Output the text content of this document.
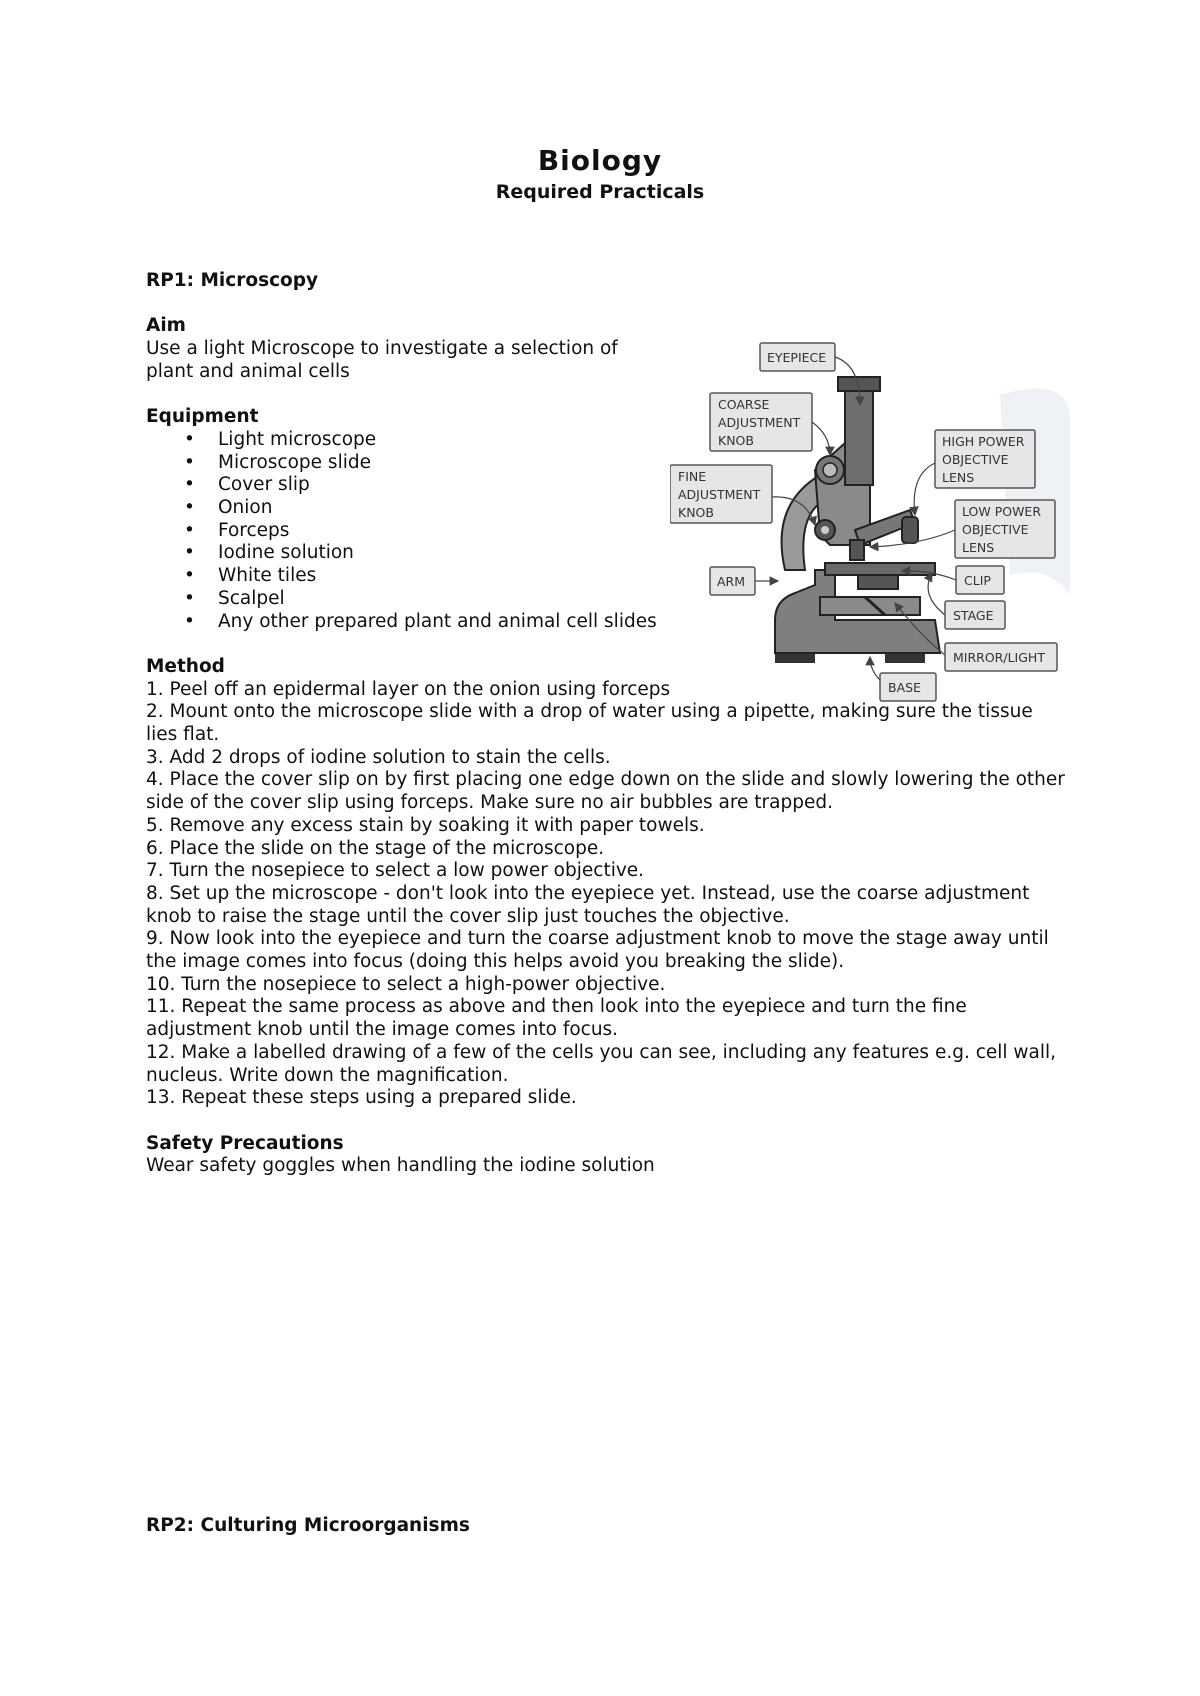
Biology
Required Practicals
RP1: Microscopy
Aim
Use a light Microscope to investigate a selection of plant and animal cells
Equipment
• Light microscope
• Microscope slide
• Cover slip
• Onion
• Forceps
• Iodine solution
• White tiles
• Scalpel
• Any other prepared plant and animal cell slides
Method
1. Peel off an epidermal layer on the onion using forceps
2. Mount onto the microscope slide with a drop of water using a pipette, making sure the tissue lies flat.
3. Add 2 drops of iodine solution to stain the cells.
4. Place the cover slip on by first placing one edge down on the slide and slowly lowering the other side of the cover slip using forceps. Make sure no air bubbles are trapped.
5. Remove any excess stain by soaking it with paper towels.
6. Place the slide on the stage of the microscope.
7. Turn the nosepiece to select a low power objective.
8. Set up the microscope - don't look into the eyepiece yet. Instead, use the coarse adjustment knob to raise the stage until the cover slip just touches the objective.
9. Now look into the eyepiece and turn the coarse adjustment knob to move the stage away until the image comes into focus (doing this helps avoid you breaking the slide).
10. Turn the nosepiece to select a high-power objective.
11. Repeat the same process as above and then look into the eyepiece and turn the fine adjustment knob until the image comes into focus.
12. Make a labelled drawing of a few of the cells you can see, including any features e.g. cell wall, nucleus. Write down the magnification.
13. Repeat these steps using a prepared slide.
Safety Precautions
Wear safety goggles when handling the iodine solution
EYEPIECE
COARSE
ADJUSTMENT
KNOB
FINE
ADJUSTMENT
KNOB
HIGH POWER
OBJECTIVE
LENS
LOW POWER
OBJECTIVE
LENS
ARM	CLIP
STAGE
MIRROR/LIGHT
BASE
RP2: Culturing Microorganisms
